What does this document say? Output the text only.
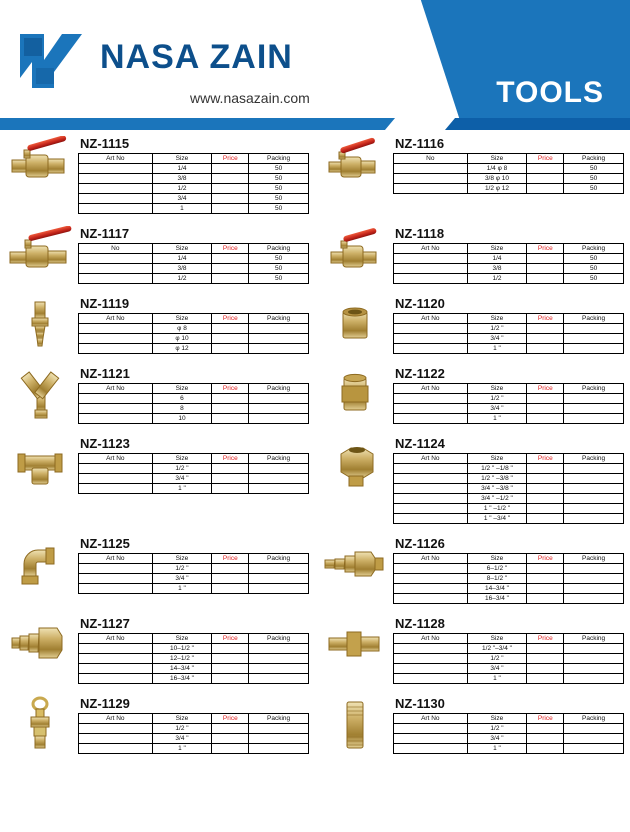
NASA ZAIN
www.nasazain.com	TOOLS
NZ-1115
Art No	Size	Price	Packing
	1/4		50
	3/8		50
	1/2		50
	3/4		50
	1		50
NZ-1116
No	Size	Price	Packing
	1/4 φ 8		50
	3/8 φ 10		50
	1/2 φ 12		50
NZ-1117
No	Size	Price	Packing
	1/4		50
	3/8		50
	1/2		50
NZ-1118
Art No	Size	Price	Packing
	1/4		50
	3/8		50
	1/2		50
NZ-1119
Art No	Size	Price	Packing
	φ 8		
	φ 10		
	φ 12		
NZ-1120
Art No	Size	Price	Packing
	1/2 "		
	3/4 "		
	1 "		
NZ-1121
Art No	Size	Price	Packing
	6		
	8		
	10		
NZ-1122
Art No	Size	Price	Packing
	1/2 "		
	3/4 "		
	1 "		
NZ-1123
Art No	Size	Price	Packing
	1/2 "		
	3/4 "		
	1 "		
NZ-1124
Art No	Size	Price	Packing
	1/2 " –1/8 "		
	1/2 " –3/8 "		
	3/4 " –3/8 "		
	3/4 " –1/2 "		
	1 " –1/2 "		
	1 " –3/4 "		
NZ-1125
Art No	Size	Price	Packing
	1/2 "		
	3/4 "		
	1 "		
NZ-1126
Art No	Size	Price	Packing
	6–1/2 "		
	8–1/2 "		
	14–3/4 "		
	16–3/4 "		
NZ-1127
Art No	Size	Price	Packing
	10–1/2 "		
	12–1/2 "		
	14–3/4 "		
	16–3/4 "		
NZ-1128
Art No	Size	Price	Packing
	1/2 "–3/4 "		
	1/2 "		
	3/4 "		
	1 "		
NZ-1129
Art No	Size	Price	Packing
	1/2 "		
	3/4 "		
	1 "		
NZ-1130
Art No	Size	Price	Packing
	1/2 "		
	3/4 "		
	1 "		
